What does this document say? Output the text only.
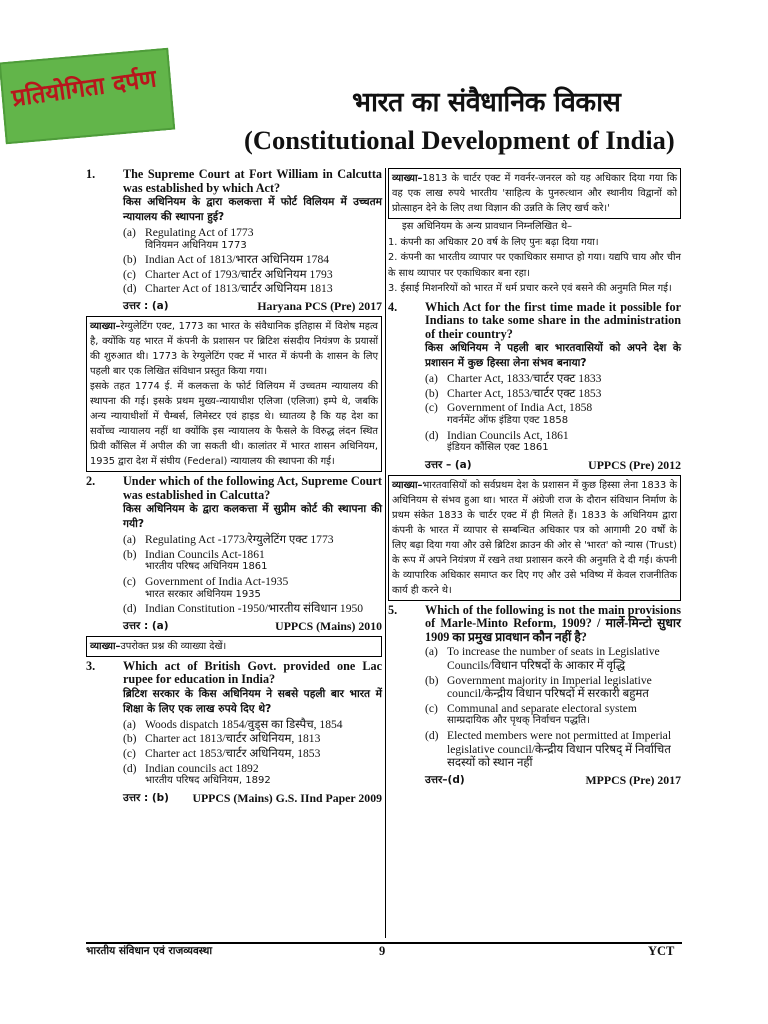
प्रतियोगिता दर्पण	भारत का संवैधानिक विकास
(Constitutional Development of India)
1.	The Supreme Court at Fort William in Calcutta was established by which Act?
किस अधिनियम के द्वारा कलकत्ता में फोर्ट विलियम में उच्चतम न्यायालय की स्थापना हुई?
(a) Regulating Act of 1773
विनियमन अधिनियम 1773
(b) Indian Act of 1813/भारत अधिनियम 1784
(c) Charter Act of 1793/चार्टर अधिनियम 1793
(d) Charter Act of 1813/चार्टर अधिनियम 1813
उत्तर : (a)	Haryana PCS (Pre) 2017

व्याख्या–रेग्युलेटिंग एक्ट, 1773 का भारत के संवैधानिक इतिहास में विशेष महत्व है, क्योंकि यह भारत में कंपनी के प्रशासन पर ब्रिटिश संसदीय नियंत्रण के प्रयासों की शुरुआत थी। 1773 के रेग्युलेटिंग एक्ट में भारत में कंपनी के शासन के लिए पहली बार एक लिखित संविधान प्रस्तुत किया गया।

इसके तहत 1774 ई. में कलकत्ता के फोर्ट विलियम में उच्चतम न्यायालय की स्थापना की गई। इसके प्रथम मुख्य-न्यायाधीश एलिजा (एलिजा) इम्पे थे, जबकि अन्य न्यायाधीशों में चैम्बर्स, लिमेस्टर एवं हाइड थे। ध्यातव्य है कि यह देश का सर्वोच्च न्यायालय नहीं था क्योंकि इस न्यायालय के फैसले के विरुद्ध लंदन स्थित प्रिवी कौंसिल में अपील की जा सकती थी। कालांतर में भारत शासन अधिनियम, 1935 द्वारा देश में संघीय (Federal) न्यायालय की स्थापना की गई।

2.	Under which of the following Act, Supreme Court was established in Calcutta?
किस अधिनियम के द्वारा कलकत्ता में सुप्रीम कोर्ट की स्थापना की गयी?
(a) Regulating Act -1773/रेग्युलेटिंग एक्ट 1773
(b) Indian Councils Act-1861
भारतीय परिषद अधिनियम 1861
(c) Government of India Act-1935
भारत सरकार अधिनियम 1935
(d) Indian Constitution -1950/भारतीय संविधान 1950
उत्तर : (a)	UPPCS (Mains) 2010

व्याख्या–उपरोक्त प्रश्न की व्याख्या देखें।

3.	Which act of British Govt. provided one Lac rupee for education in India?
ब्रिटिश सरकार के किस अधिनियम ने सबसे पहली बार भारत में शिक्षा के लिए एक लाख रुपये दिए थे?
(a) Woods dispatch 1854/वुड्स का डिस्पैच, 1854
(b) Charter act 1813/चार्टर अधिनियम, 1813
(c) Charter act 1853/चार्टर अधिनियम, 1853
(d) Indian councils act 1892
भारतीय परिषद अधिनियम, 1892
उत्तर : (b) UPPCS (Mains) G.S. IInd Paper 2009

व्याख्या–1813 के चार्टर एक्ट में गवर्नर-जनरल को यह अधिकार दिया गया कि वह एक लाख रुपये भारतीय 'साहित्य के पुनरुत्थान और स्थानीय विद्वानों को प्रोत्साहन देने के लिए तथा विज्ञान की उन्नति के लिए खर्च करे।'

इस अधिनियम के अन्य प्रावधान निम्नलिखित थे–

1. कंपनी का अधिकार 20 वर्ष के लिए पुनः बढ़ा दिया गया।

2. कंपनी का भारतीय व्यापार पर एकाधिकार समाप्त हो गया। यद्यपि चाय और चीन के साथ व्यापार पर एकाधिकार बना रहा।

3. ईसाई मिशनरियों को भारत में धर्म प्रचार करने एवं बसने की अनुमति मिल गई।

4.	Which Act for the first time made it possible for Indians to take some share in the administration of their country?
किस अधिनियम ने पहली बार भारतवासियों को अपने देश के प्रशासन में कुछ हिस्सा लेना संभव बनाया?
(a) Charter Act, 1833/चार्टर एक्ट 1833
(b) Charter Act, 1853/चार्टर एक्ट 1853
(c) Government of India Act, 1858
गवर्नमेंट ऑफ इंडिया एक्ट 1858
(d) Indian Councils Act, 1861
इंडियन कौंसिल एक्ट 1861
उत्तर – (a)	UPPCS (Pre) 2012

व्याख्या–भारतवासियों को सर्वप्रथम देश के प्रशासन में कुछ हिस्सा लेना 1833 के अधिनियम से संभव हुआ था। भारत में अंग्रेजी राज के दौरान संविधान निर्माण के प्रथम संकेत 1833 के चार्टर एक्ट में ही मिलते हैं। 1833 के अधिनियम द्वारा कंपनी के भारत में व्यापार से सम्बन्धित अधिकार पत्र को आगामी 20 वर्षों के लिए बढ़ा दिया गया और उसे ब्रिटिश क्राउन की ओर से 'भारत' को न्यास (Trust) के रूप में अपने नियंत्रण में रखने तथा प्रशासन करने की अनुमति दे दी गई। कंपनी के व्यापारिक अधिकार समाप्त कर दिए गए और उसे भविष्य में केवल राजनीतिक कार्य ही करने थे।

5.	Which of the following is not the main provisions of Marle-Minto Reform, 1909? / मार्ले-मिन्टो सुधार 1909 का प्रमुख प्रावधान कौन नहीं है?
(a) To increase the number of seats in Legislative Councils/विधान परिषदों के आकार में वृद्धि
(b) Government majority in Imperial legislative council/केन्द्रीय विधान परिषदों में सरकारी बहुमत
(c) Communal and separate electoral system
साम्प्रदायिक और पृथक् निर्वाचन पद्धति।
(d) Elected members were not permitted at Imperial legislative council/केन्द्रीय विधान परिषद् में निर्वाचित सदस्यों को स्थान नहीं
उत्तर–(d)	MPPCS (Pre) 2017
भारतीय संविधान एवं राजव्यवस्था	9	YCT
